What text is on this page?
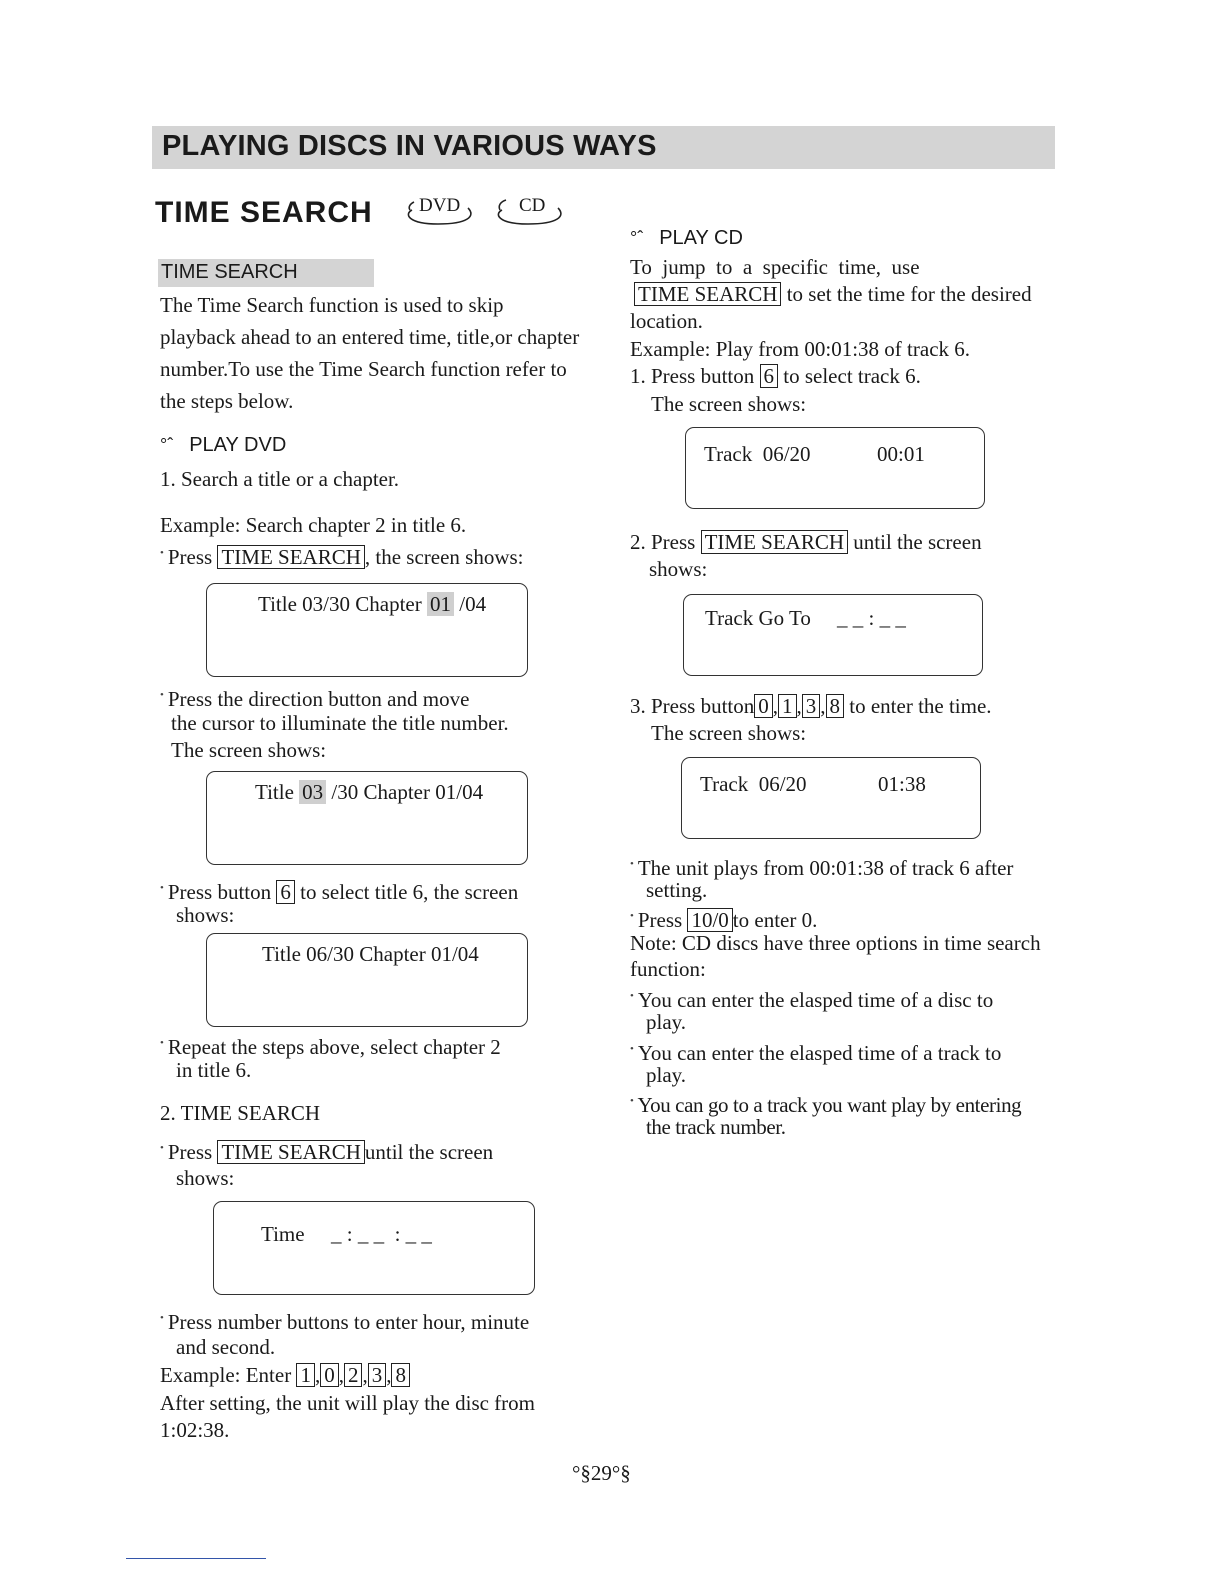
PLAYING DISCS IN VARIOUS WAYS
TIME SEARCH DVD	CD
TIME SEARCH
The Time Search function is used to skip
playback ahead to an entered time, title,or chapter
number.To use the Time Search function refer to
the steps below.
°ˆ PLAY DVD
1. Search a title or a chapter.
Example: Search chapter 2 in title 6.
• Press TIME SEARCH , the screen shows:
Title 03/30 Chapter 01 /04
• Press the direction button and move
the cursor to illuminate the title number.
The screen shows:
Title 03 /30 Chapter 01/04
• Press button 6 to select title 6, the screen
shows:
Title 06/30 Chapter 01/04
• Repeat the steps above, select chapter 2
in title 6.
2. TIME SEARCH
• Press TIME SEARCH until the screen
shows:
Time _ : _ _  : _ _
• Press number buttons to enter hour, minute
and second.
Example: Enter 1 , 0 , 2 , 3 , 8
After setting, the unit will play the disc from
1:02:38.
°ˆ PLAY CD
To  jump  to  a  specific  time,  use
TIME SEARCH to set the time for the desired
location.
Example: Play from 00:01:38 of track 6.
1. Press button 6 to select track 6.
The screen shows:
Track  06/20	00:01
2. Press TIME SEARCH until the screen
shows:
Track Go To _ _ : _ _
3. Press button 0 , 1 , 3 , 8 to enter the time.
The screen shows:
Track  06/20	01:38
• The unit plays from 00:01:38 of track 6 after
setting.
• Press 10/0 to enter 0.
Note: CD discs have three options in time search
function:
• You can enter the elasped time of a disc to
play.
• You can enter the elasped time of a track to
play.
• You can go to a track you want play by entering
the track number.
°§29°§
